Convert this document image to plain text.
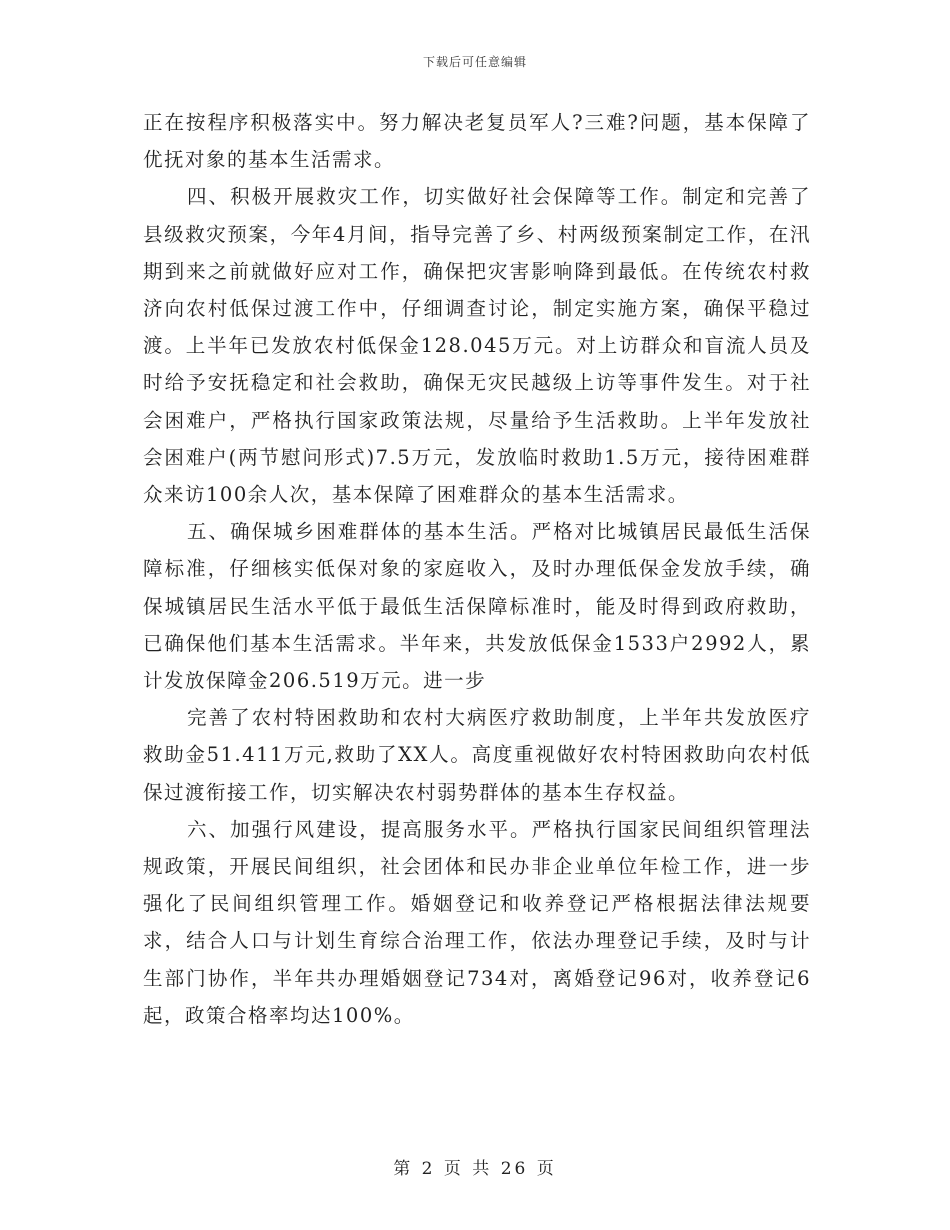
下载后可任意编辑

正在按程序积极落实中。努力解决老复员军人?三难?问题，基本保障了优抚对象的基本生活需求。

四、积极开展救灾工作，切实做好社会保障等工作。制定和完善了县级救灾预案，今年4月间，指导完善了乡、村两级预案制定工作，在汛期到来之前就做好应对工作，确保把灾害影响降到最低。在传统农村救济向农村低保过渡工作中，仔细调查讨论，制定实施方案，确保平稳过渡。上半年已发放农村低保金128.045万元。对上访群众和盲流人员及时给予安抚稳定和社会救助，确保无灾民越级上访等事件发生。对于社会困难户，严格执行国家政策法规，尽量给予生活救助。上半年发放社会困难户(两节慰问形式)7.5万元，发放临时救助1.5万元，接待困难群众来访100余人次，基本保障了困难群众的基本生活需求。

五、确保城乡困难群体的基本生活。严格对比城镇居民最低生活保障标准，仔细核实低保对象的家庭收入，及时办理低保金发放手续，确保城镇居民生活水平低于最低生活保障标准时，能及时得到政府救助，已确保他们基本生活需求。半年来，共发放低保金1533户2992人，累计发放保障金206.519万元。进一步

完善了农村特困救助和农村大病医疗救助制度，上半年共发放医疗救助金51.411万元,救助了XX人。高度重视做好农村特困救助向农村低保过渡衔接工作，切实解决农村弱势群体的基本生存权益。

六、加强行风建设，提高服务水平。严格执行国家民间组织管理法规政策，开展民间组织，社会团体和民办非企业单位年检工作，进一步强化了民间组织管理工作。婚姻登记和收养登记严格根据法律法规要求，结合人口与计划生育综合治理工作，依法办理登记手续，及时与计生部门协作，半年共办理婚姻登记734对，离婚登记96对，收养登记6起，政策合格率均达100%。

第 2 页 共 26 页
